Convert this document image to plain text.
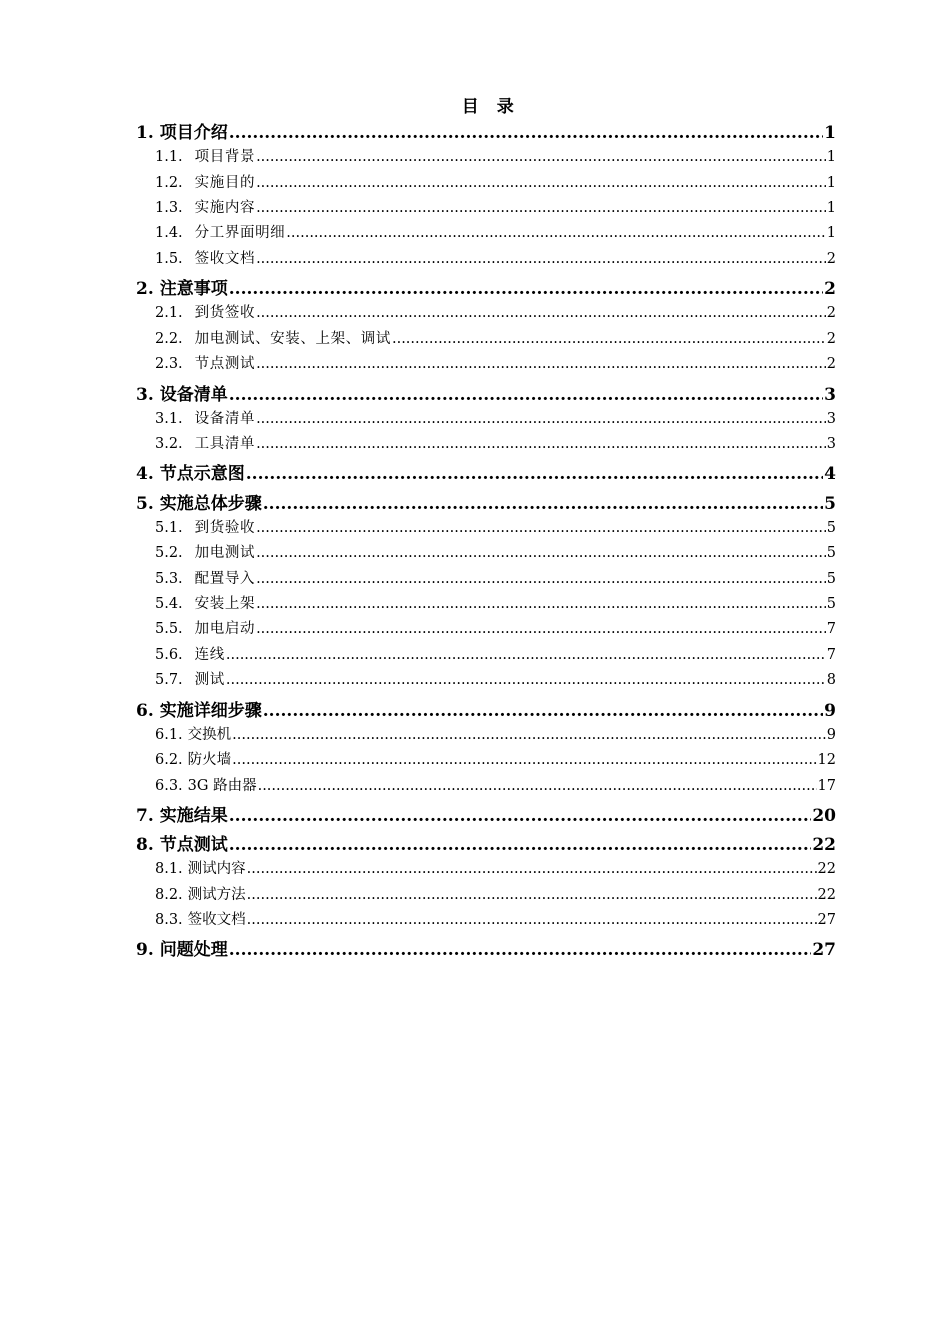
目　录
1. 项目介绍 .....	1
1.1. 项目背景 .....	1
1.2. 实施目的 .....	1
1.3. 实施内容 .....	1
1.4. 分工界面明细 .....	1
1.5. 签收文档 .....	2
2. 注意事项 .....	2
2.1. 到货签收 .....	2
2.2. 加电测试、安装、上架、调试 .....	2
2.3. 节点测试 .....	2
3. 设备清单 .....	3
3.1. 设备清单 .....	3
3.2. 工具清单 .....	3
4. 节点示意图 .....	4
5. 实施总体步骤 .....	5
5.1. 到货验收 .....	5
5.2. 加电测试 .....	5
5.3. 配置导入 .....	5
5.4. 安装上架 .....	5
5.5. 加电启动 .....	7
5.6. 连线 .....	7
5.7. 测试 .....	8
6. 实施详细步骤 .....	9
6.1. 交换机 .....	9
6.2. 防火墙 .....	12
6.3. 3G 路由器 .....	17
7. 实施结果 .....	20
8. 节点测试 .....	22
8.1. 测试内容 .....	22
8.2. 测试方法 .....	22
8.3. 签收文档 .....	27
9. 问题处理 .....	27
